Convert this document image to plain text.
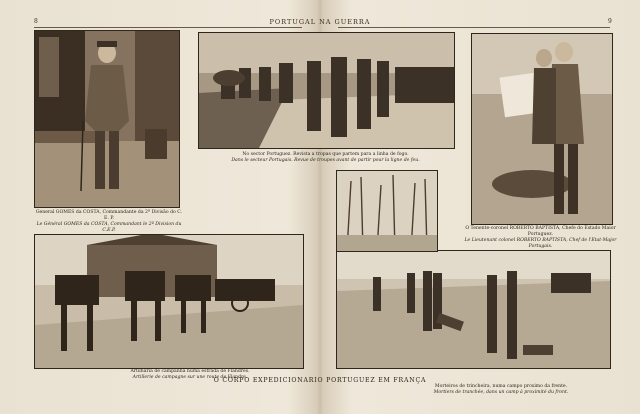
8	PORTUGAL NA GUERRA	9
General GOMES da COSTA, Commandante da 2ª Divisão do C. E. P.
Le Général GOMES da COSTA, Commandant le 2ª Division du C.E.P.
No sector Portuguez. Revista a tropas que partem para a linha de fogo.
Dans le secteur Portugais. Revue de troupes avant de partir pour la ligne de feu.
O Tenente-coronel ROBERTO BAPTISTA, Chefe do Estado Maior Portuguez.
Le Lieutenant colonel ROBERTO BAPTISTA, Chef de l'Etat-Major Portugais.
Artilharia de campanha numa estrada de Flandres.
Artillerie de campagne sur une route de Flandre.
Morteiros de trincheira, numa campo proximo da frente.
Mortiers de tranchée, dans un camp à proximité du front.
O CORPO EXPEDICIONARIO PORTUGUEZ EM FRANÇA
